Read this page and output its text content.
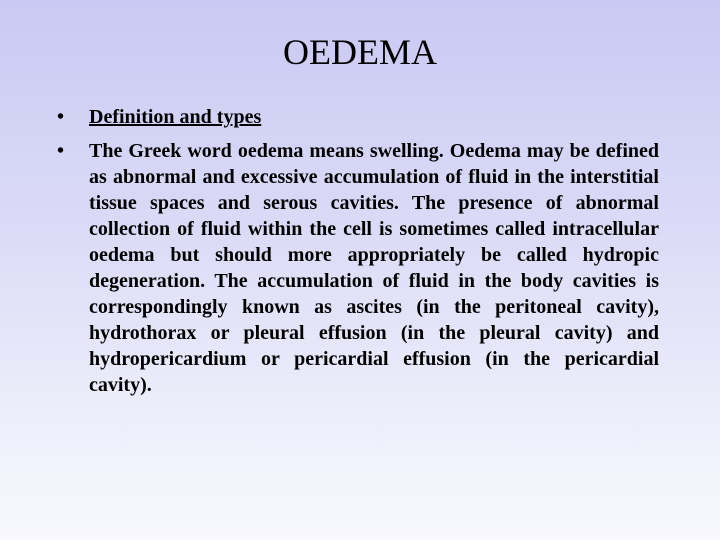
OEDEMA
•	Definition and types
•	The Greek word oedema means swelling. Oedema may be defined as abnormal and excessive accumulation of fluid in the interstitial tissue spaces and serous cavities. The presence of abnormal collection of fluid within the cell is sometimes called intracellular oedema but should more appropriately be called hydropic degeneration. The accumulation of fluid in the body cavities is correspondingly known as ascites (in the peritoneal cavity), hydrothorax or pleural effusion (in the pleural cavity) and hydropericardium or pericardial effusion (in the pericardial cavity).
